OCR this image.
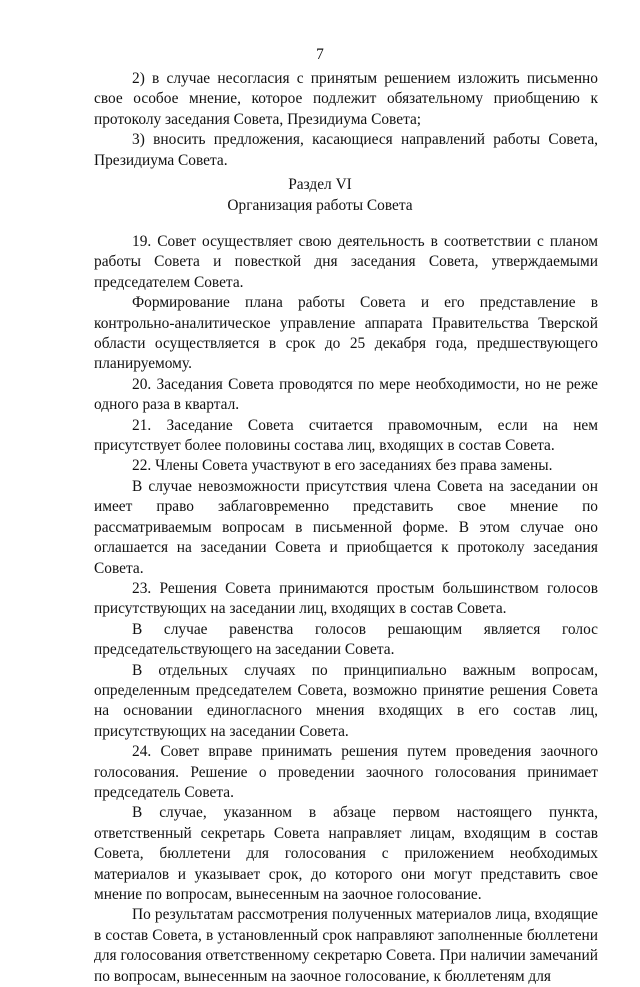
7

2) в случае несогласия с принятым решением изложить письменно свое особое мнение, которое подлежит обязательному приобщению к протоколу заседания Совета, Президиума Совета;

3) вносить предложения, касающиеся направлений работы Совета, Президиума Совета.

Раздел VI
Организация работы Совета

19. Совет осуществляет свою деятельность в соответствии с планом работы Совета и повесткой дня заседания Совета, утверждаемыми председателем Совета.

Формирование плана работы Совета и его представление в контрольно-аналитическое управление аппарата Правительства Тверской области осуществляется в срок до 25 декабря года, предшествующего планируемому.

20. Заседания Совета проводятся по мере необходимости, но не реже одного раза в квартал.

21. Заседание Совета считается правомочным, если на нем присутствует более половины состава лиц, входящих в состав Совета.

22. Члены Совета участвуют в его заседаниях без права замены.

В случае невозможности присутствия члена Совета на заседании он имеет право заблаговременно представить свое мнение по рассматриваемым вопросам в письменной форме. В этом случае оно оглашается на заседании Совета и приобщается к протоколу заседания Совета.

23. Решения Совета принимаются простым большинством голосов присутствующих на заседании лиц, входящих в состав Совета.

В случае равенства голосов решающим является голос председательствующего на заседании Совета.

В отдельных случаях по принципиально важным вопросам, определенным председателем Совета, возможно принятие решения Совета на основании единогласного мнения входящих в его состав лиц, присутствующих на заседании Совета.

24. Совет вправе принимать решения путем проведения заочного голосования. Решение о проведении заочного голосования принимает председатель Совета.

В случае, указанном в абзаце первом настоящего пункта, ответственный секретарь Совета направляет лицам, входящим в состав Совета, бюллетени для голосования с приложением необходимых материалов и указывает срок, до которого они могут представить свое мнение по вопросам, вынесенным на заочное голосование.

По результатам рассмотрения полученных материалов лица, входящие в состав Совета, в установленный срок направляют заполненные бюллетени для голосования ответственному секретарю Совета. При наличии замечаний по вопросам, вынесенным на заочное голосование, к бюллетеням для
